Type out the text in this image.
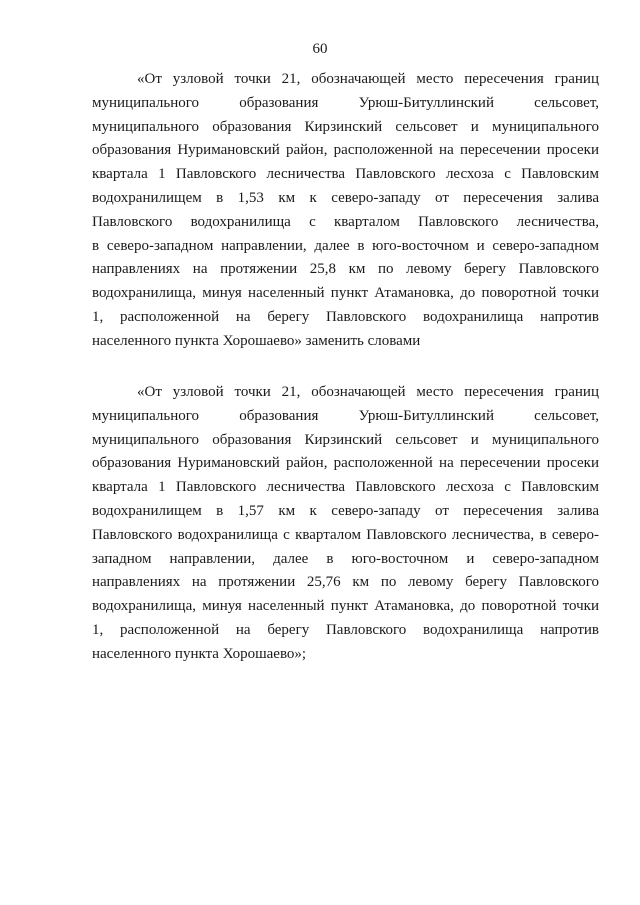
60
«От узловой точки 21, обозначающей место пересечения границ
муниципального образования Урюш-Битуллинский сельсовет,
муниципального образования Кирзинский сельсовет и муниципального
образования Нуримановский район, расположенной на пересечении просеки
квартала 1 Павловского лесничества Павловского лесхоза с Павловским
водохранилищем в 1,53 км к северо-западу от пересечения залива
Павловского водохранилища с кварталом Павловского лесничества,
в северо-западном направлении, далее в юго-восточном и северо-западном
направлениях на протяжении 25,8 км по левому берегу Павловского
водохранилища, минуя населенный пункт Атамановка, до поворотной точки
1, расположенной на берегу Павловского водохранилища напротив
населенного пункта Хорошаево» заменить словами
«От узловой точки 21, обозначающей место пересечения границ
муниципального образования Урюш-Битуллинский сельсовет,
муниципального образования Кирзинский сельсовет и муниципального
образования Нуримановский район, расположенной на пересечении просеки
квартала 1 Павловского лесничества Павловского лесхоза с Павловским
водохранилищем в 1,57 км к северо-западу от пересечения залива
Павловского водохранилища с кварталом Павловского лесничества, в северо-
западном направлении, далее в юго-восточном и северо-западном
направлениях на протяжении 25,76 км по левому берегу Павловского
водохранилища, минуя населенный пункт Атамановка, до поворотной точки
1, расположенной на берегу Павловского водохранилища напротив
населенного пункта Хорошаево»;
